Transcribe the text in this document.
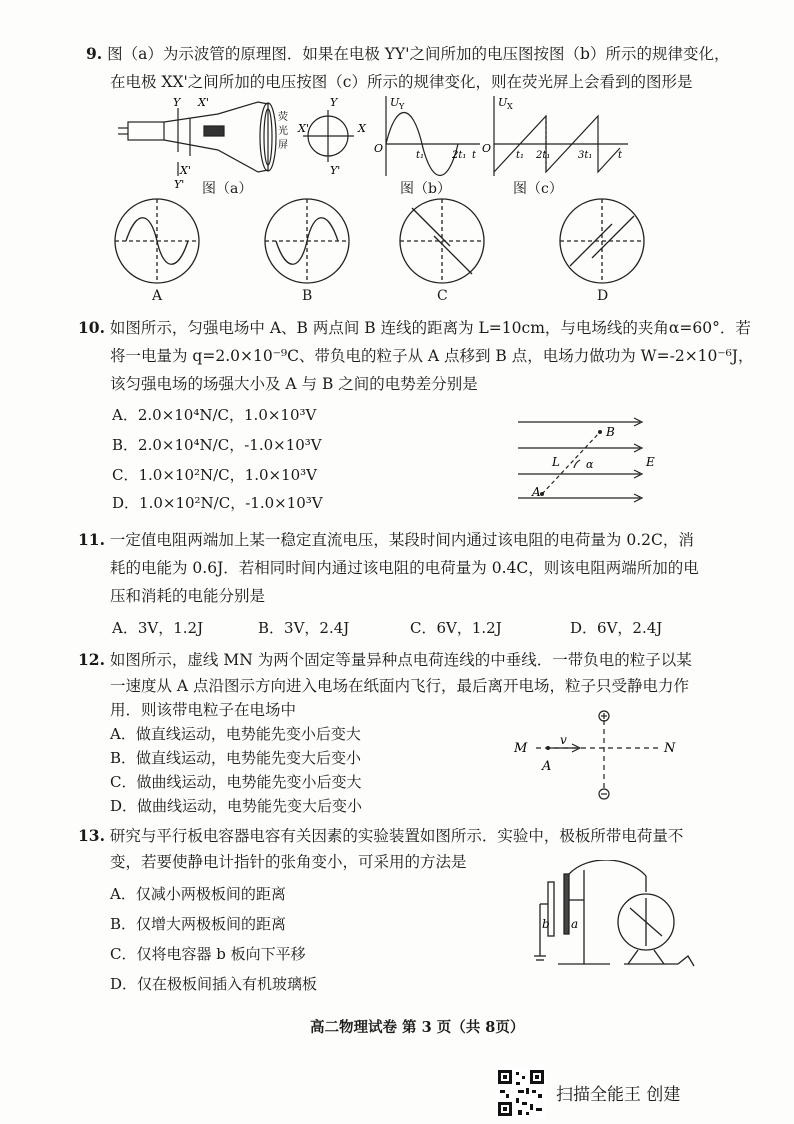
9. 图（a）为示波管的原理图．如果在电极 YY'之间所加的电压图按图（b）所示的规律变化，
在电极 XX'之间所加的电压按图（c）所示的规律变化，则在荧光屏上会看到的图形是
Y X'
X'
Y'
荧
光
屏
Y
X
X'
Y'
图（a）
U Y
O
t₁	2t₁ t
图（b）
U X
O
t₁ 2t₁	3t₁	t
图（c）
A	B	C	D
10. 如图所示，匀强电场中 A、B 两点间 B 连线的距离为 L=10cm，与电场线的夹角α=60°．若
将一电量为 q=2.0×10⁻⁹C、带负电的粒子从 A 点移到 B 点，电场力做功为 W=-2×10⁻⁶J，
该匀强电场的场强大小及 A 与 B 之间的电势差分别是
A．2.0×10⁴N/C，1.0×10³V
B．2.0×10⁴N/C，-1.0×10³V
C．1.0×10²N/C，1.0×10³V
D．1.0×10²N/C，-1.0×10³V
A
B
L α	E
11. 一定值电阻两端加上某一稳定直流电压，某段时间内通过该电阻的电荷量为 0.2C，消
耗的电能为 0.6J．若相同时间内通过该电阻的电荷量为 0.4C，则该电阻两端所加的电
压和消耗的电能分别是
A．3V，1.2J	B．3V，2.4J	C．6V，1.2J	D．6V，2.4J
12. 如图所示，虚线 MN 为两个固定等量异种点电荷连线的中垂线．一带负电的粒子以某
一速度从 A 点沿图示方向进入电场在纸面内飞行，最后离开电场，粒子只受静电力作
用．则该带电粒子在电场中
A．做直线运动，电势能先变小后变大
B．做直线运动，电势能先变大后变小
C．做曲线运动，电势能先变小后变大
D．做曲线运动，电势能先变大后变小
M	N
v
A
13. 研究与平行板电容器电容有关因素的实验装置如图所示．实验中，极板所带电荷量不
变，若要使静电计指针的张角变小，可采用的方法是
A．仅减小两极板间的距离
B．仅增大两极板间的距离
C．仅将电容器 b 板向下平移
D．仅在极板间插入有机玻璃板
b a
高二物理试卷 第 3 页（共 8页）
扫描全能王 创建
